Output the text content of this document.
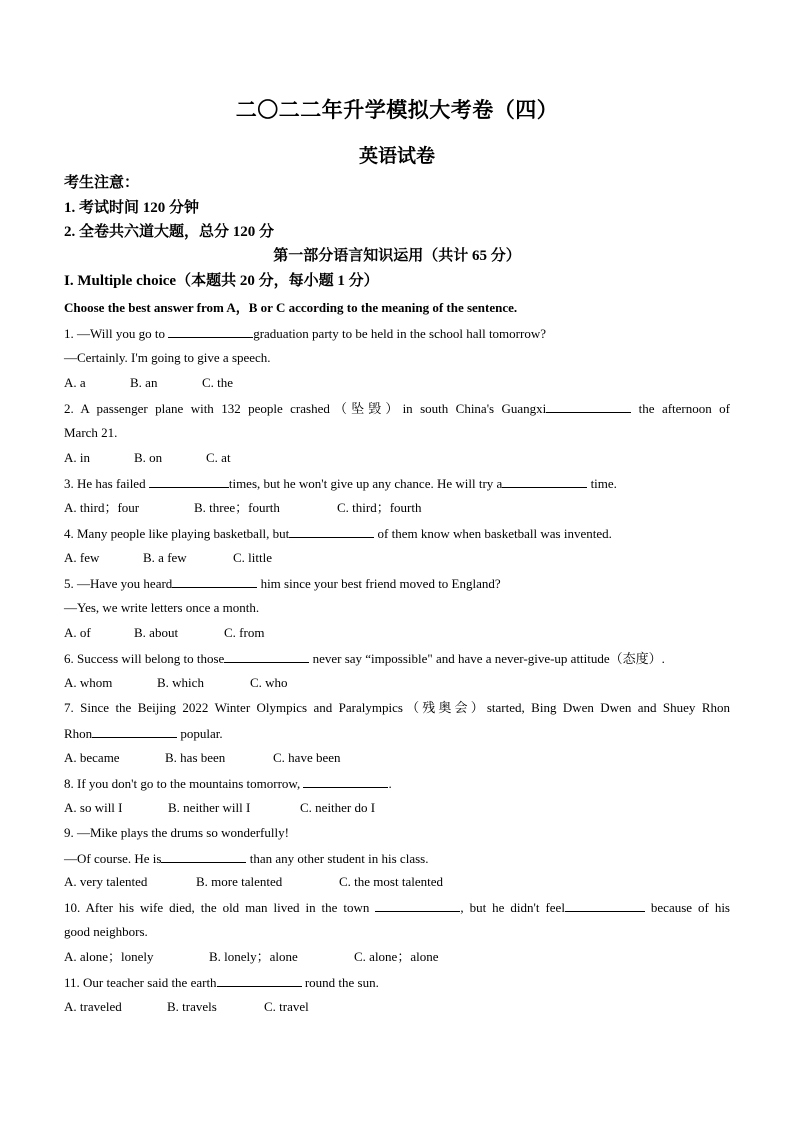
二〇二二年升学模拟大考卷（四）
英语试卷
考生注意：
1. 考试时间 120 分钟
2. 全卷共六道大题，总分 120 分
第一部分语言知识运用（共计 65 分）
I. Multiple choice（本题共 20 分，每小题 1 分）
Choose the best answer from A，B or C according to the meaning of the sentence.
1. —Will you go to	graduation party to be held in the school hall tomorrow?
—Certainly. I'm going to give a speech.
A. a	B. an	C. the
2. A passenger plane with 132 people crashed（坠毁）in south China's Guangxi	the afternoon of
March 21.
A. in	B. on	C. at
3. He has failed	times, but he won't give up any chance. He will try a	time.
A. third；four	B. three；fourth	C. third；fourth
4. Many people like playing basketball, but	of them know when basketball was invented.
A. few	B. a few	C. little
5. —Have you heard	him since your best friend moved to England?
—Yes, we write letters once a month.
A. of	B. about	C. from
6. Success will belong to those	never say “impossible" and have a never-give-up attitude（态度）.
A. whom	B. which	C. who
7. Since the Beijing 2022 Winter Olympics and Paralympics（残奥会）started, Bing Dwen Dwen and Shuey Rhon
Rhon	popular.
A. became	B. has been	C. have been
8. If you don't go to the mountains tomorrow,	.
A. so will I	B. neither will I	C. neither do I
9. —Mike plays the drums so wonderfully!
—Of course. He is	than any other student in his class.
A. very talented	B. more talented	C. the most talented
10. After his wife died, the old man lived in the town	, but he didn't feel	because of his
good neighbors.
A. alone；lonely	B. lonely；alone	C. alone；alone
11. Our teacher said the earth	round the sun.
A. traveled	B. travels	C. travel
